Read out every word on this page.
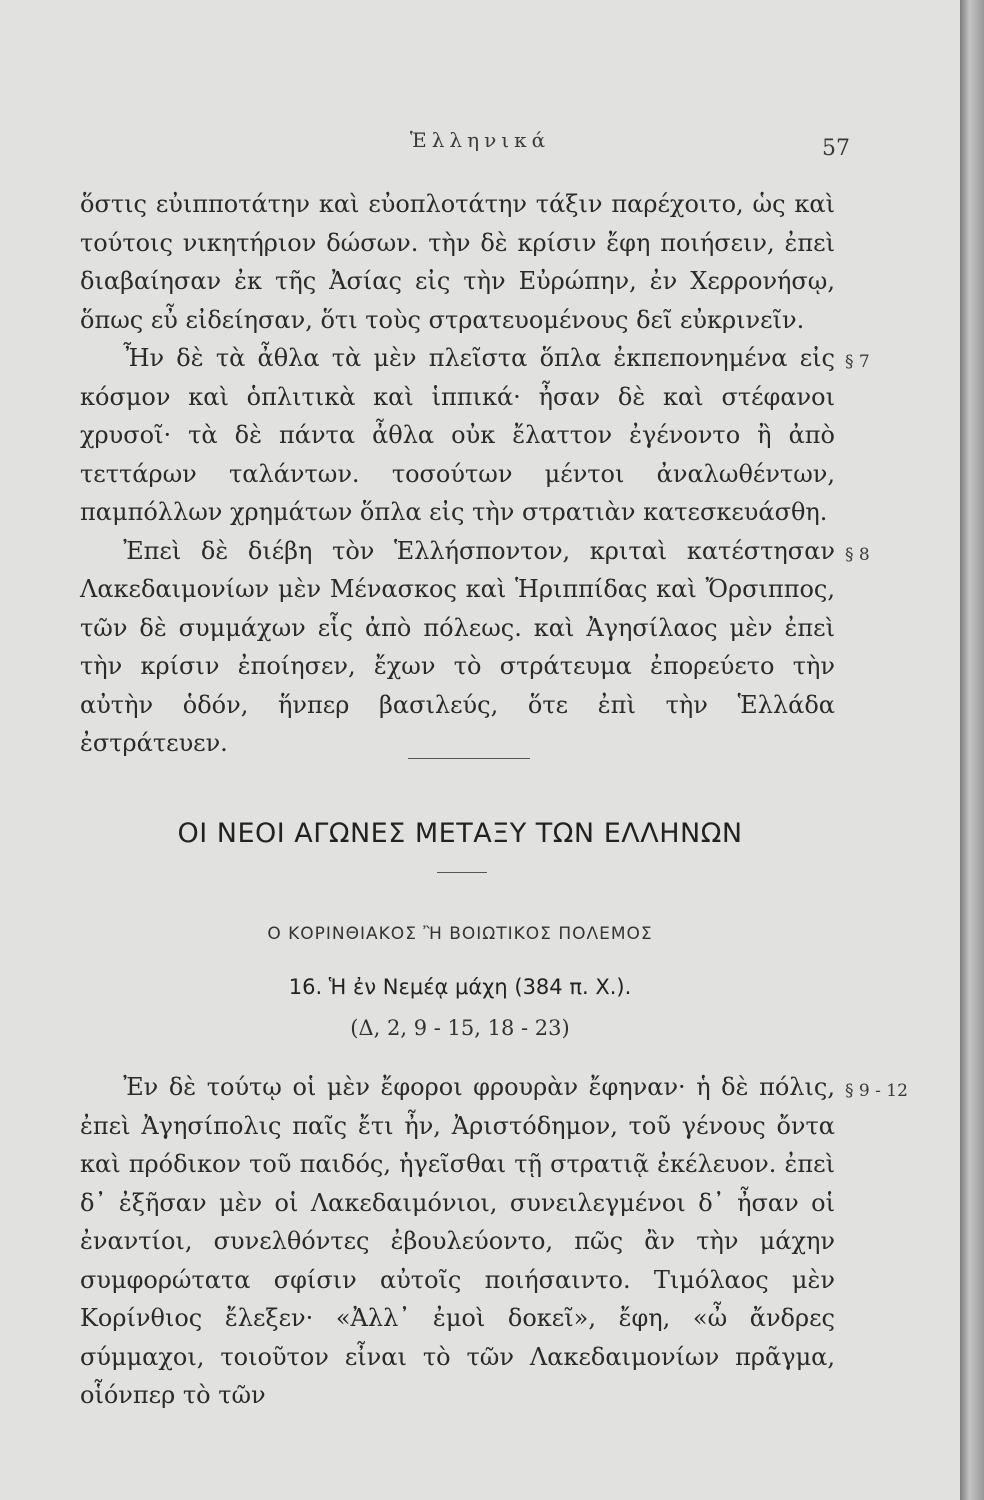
Ἑλληνικά	57

ὅστις εὐιπποτάτην καὶ εὐοπλοτάτην τάξιν παρέχοιτο, ὡς καὶ τούτοις νικητήριον δώσων. τὴν δὲ κρίσιν ἔφη ποιήσειν, ἐπεὶ διαβαίησαν ἐκ τῆς Ἀσίας εἰς τὴν Εὐρώπην, ἐν Χερρονήσῳ, ὅπως εὖ εἰδείησαν, ὅτι τοὺς στρατευομένους δεῖ εὐκρινεῖν.

§ 7

Ἦν δὲ τὰ ἆθλα τὰ μὲν πλεῖστα ὅπλα ἐκπεπονημένα εἰς κόσμον καὶ ὁπλιτικὰ καὶ ἱππικά· ἦσαν δὲ καὶ στέφανοι χρυσοῖ· τὰ δὲ πάντα ἆθλα οὐκ ἔλαττον ἐγένοντο ἢ ἀπὸ τεττάρων ταλάντων. τοσούτων μέντοι ἀναλωθέντων, παμπόλλων χρημάτων ὅπλα εἰς τὴν στρατιὰν κατεσκευάσθη.

§ 8

Ἐπεὶ δὲ διέβη τὸν Ἑλλήσποντον, κριταὶ κατέστησαν Λακεδαιμονίων μὲν Μένασκος καὶ Ἡριππίδας καὶ Ὄρσιππος, τῶν δὲ συμμάχων εἷς ἀπὸ πόλεως. καὶ Ἀγησίλαος μὲν ἐπεὶ τὴν κρίσιν ἐποίησεν, ἔχων τὸ στράτευμα ἐπορεύετο τὴν αὐτὴν ὁδόν, ἥνπερ βασιλεύς, ὅτε ἐπὶ τὴν Ἑλλάδα ἐστράτευεν.

ΟΙ ΝΕΟΙ ΑΓΩΝΕΣ ΜΕΤΑΞΥ ΤΩΝ ΕΛΛΗΝΩΝ
Ο ΚΟΡΙΝΘΙΑΚΟΣ Ἢ ΒΟΙΩΤΙΚΟΣ ΠΟΛΕΜΟΣ
16. Ἡ ἐν Νεμέᾳ μάχη (384 π. Χ.).
(Δ, 2, 9 - 15, 18 - 23)
§ 9 - 12

Ἐν δὲ τούτῳ οἱ μὲν ἔφοροι φρουρὰν ἔφηναν· ἡ δὲ πόλις, ἐπεὶ Ἀγησίπολις παῖς ἔτι ἦν, Ἀριστόδημον, τοῦ γένους ὄντα καὶ πρόδικον τοῦ παιδός, ἡγεῖσθαι τῇ στρατιᾷ ἐκέλευον. ἐπεὶ δ᾽ ἐξῆσαν μὲν οἱ Λακεδαιμόνιοι, συνειλεγμένοι δ᾽ ἦσαν οἱ ἐναντίοι, συνελθόντες ἐβουλεύοντο, πῶς ἂν τὴν μάχην συμφορώτατα σφίσιν αὐτοῖς ποιήσαιντο. Τιμόλαος μὲν Κορίνθιος ἔλεξεν· «Ἀλλ᾽ ἐμοὶ δοκεῖ», ἔφη, «ὦ ἄνδρες σύμμαχοι, τοιοῦτον εἶναι τὸ τῶν Λακεδαιμονίων πρᾶγμα, οἷόνπερ τὸ τῶν
